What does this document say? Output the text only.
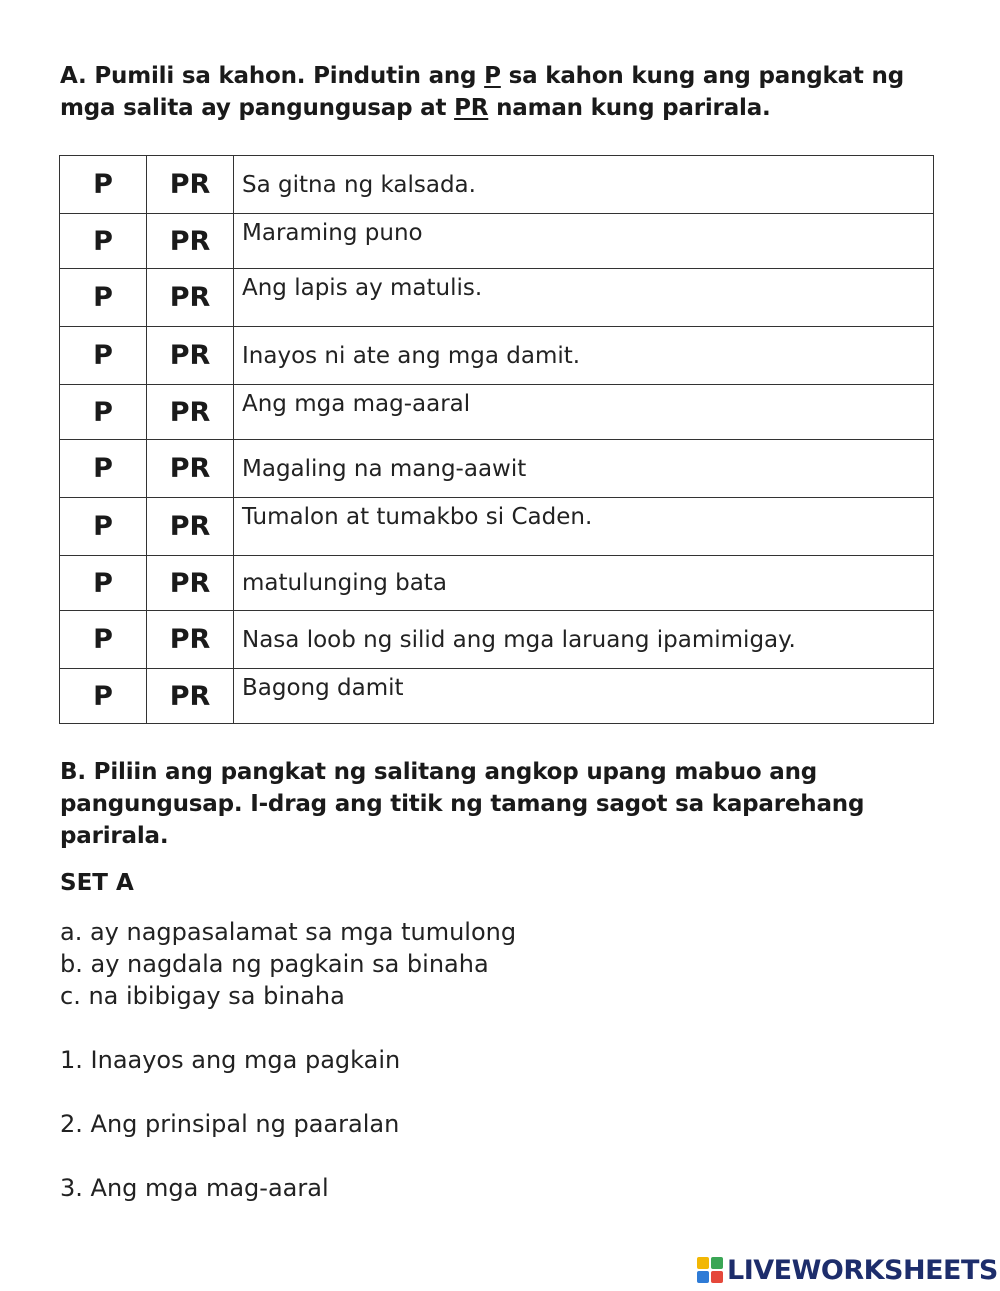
A. Pumili sa kahon. Pindutin ang P sa kahon kung ang pangkat ng mga salita ay pangungusap at PR naman kung parirala.
P	PR	Sa gitna ng kalsada.
P	PR	Maraming puno
P	PR	Ang lapis ay matulis.
P	PR	Inayos ni ate ang mga damit.
P	PR	Ang mga mag-aaral
P	PR	Magaling na mang-aawit
P	PR	Tumalon at tumakbo si Caden.
P	PR	matulunging bata
P	PR	Nasa loob ng silid ang mga laruang ipamimigay.
P	PR	Bagong damit
B. Piliin ang pangkat ng salitang angkop upang mabuo ang pangungusap. I-drag ang titik ng tamang sagot sa kaparehang parirala.
SET A
a. ay nagpasalamat sa mga tumulong
b. ay nagdala ng pagkain sa binaha
c. na ibibigay sa binaha
1. Inaayos ang mga pagkain
2. Ang prinsipal ng paaralan
3. Ang mga mag-aaral
LIVEWORKSHEETS
